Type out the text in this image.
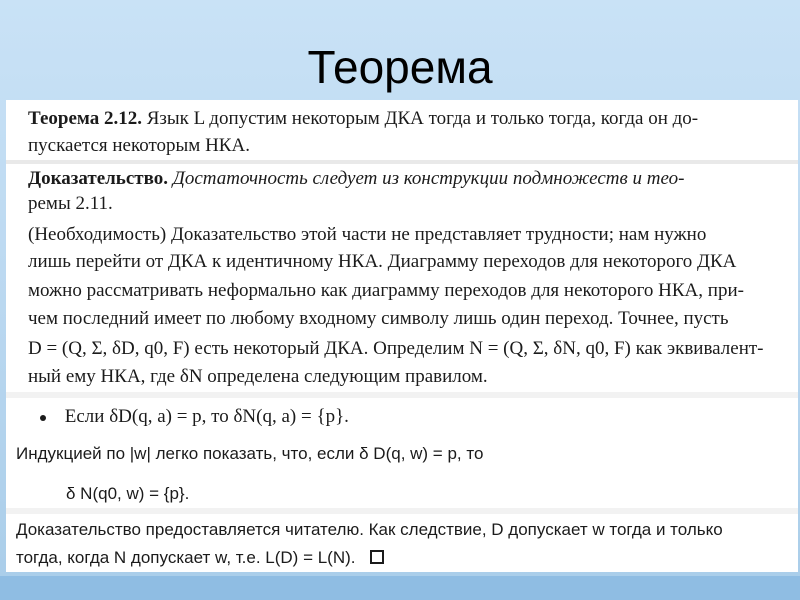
Теорема
Теорема 2.12. Язык L допустим некоторым ДКА тогда и только тогда, когда он до-
пускается некоторым НКА.
Доказательство. Достаточность следует из конструкции подмножеств и тео-
ремы 2.11.
(Необходимость) Доказательство этой части не представляет трудности; нам нужно
лишь перейти от ДКА к идентичному НКА. Диаграмму переходов для некоторого ДКА
можно рассматривать неформально как диаграмму переходов для некоторого НКА, при-
чем последний имеет по любому входному символу лишь один переход. Точнее, пусть
D = (Q, Σ, δD, q0, F) есть некоторый ДКА. Определим N = (Q, Σ, δN, q0, F) как эквивалент-
ный ему НКА, где δN определена следующим правилом.
Если δD(q, a) = p, то δN(q, a) = {p}.
Индукцией по |w| легко показать, что, если δ D(q, w) = p, то
δ N(q0, w) = {p}.
Доказательство предоставляется читателю. Как следствие, D допускает w тогда и только
тогда, когда N допускает w, т.е. L(D) = L(N).
